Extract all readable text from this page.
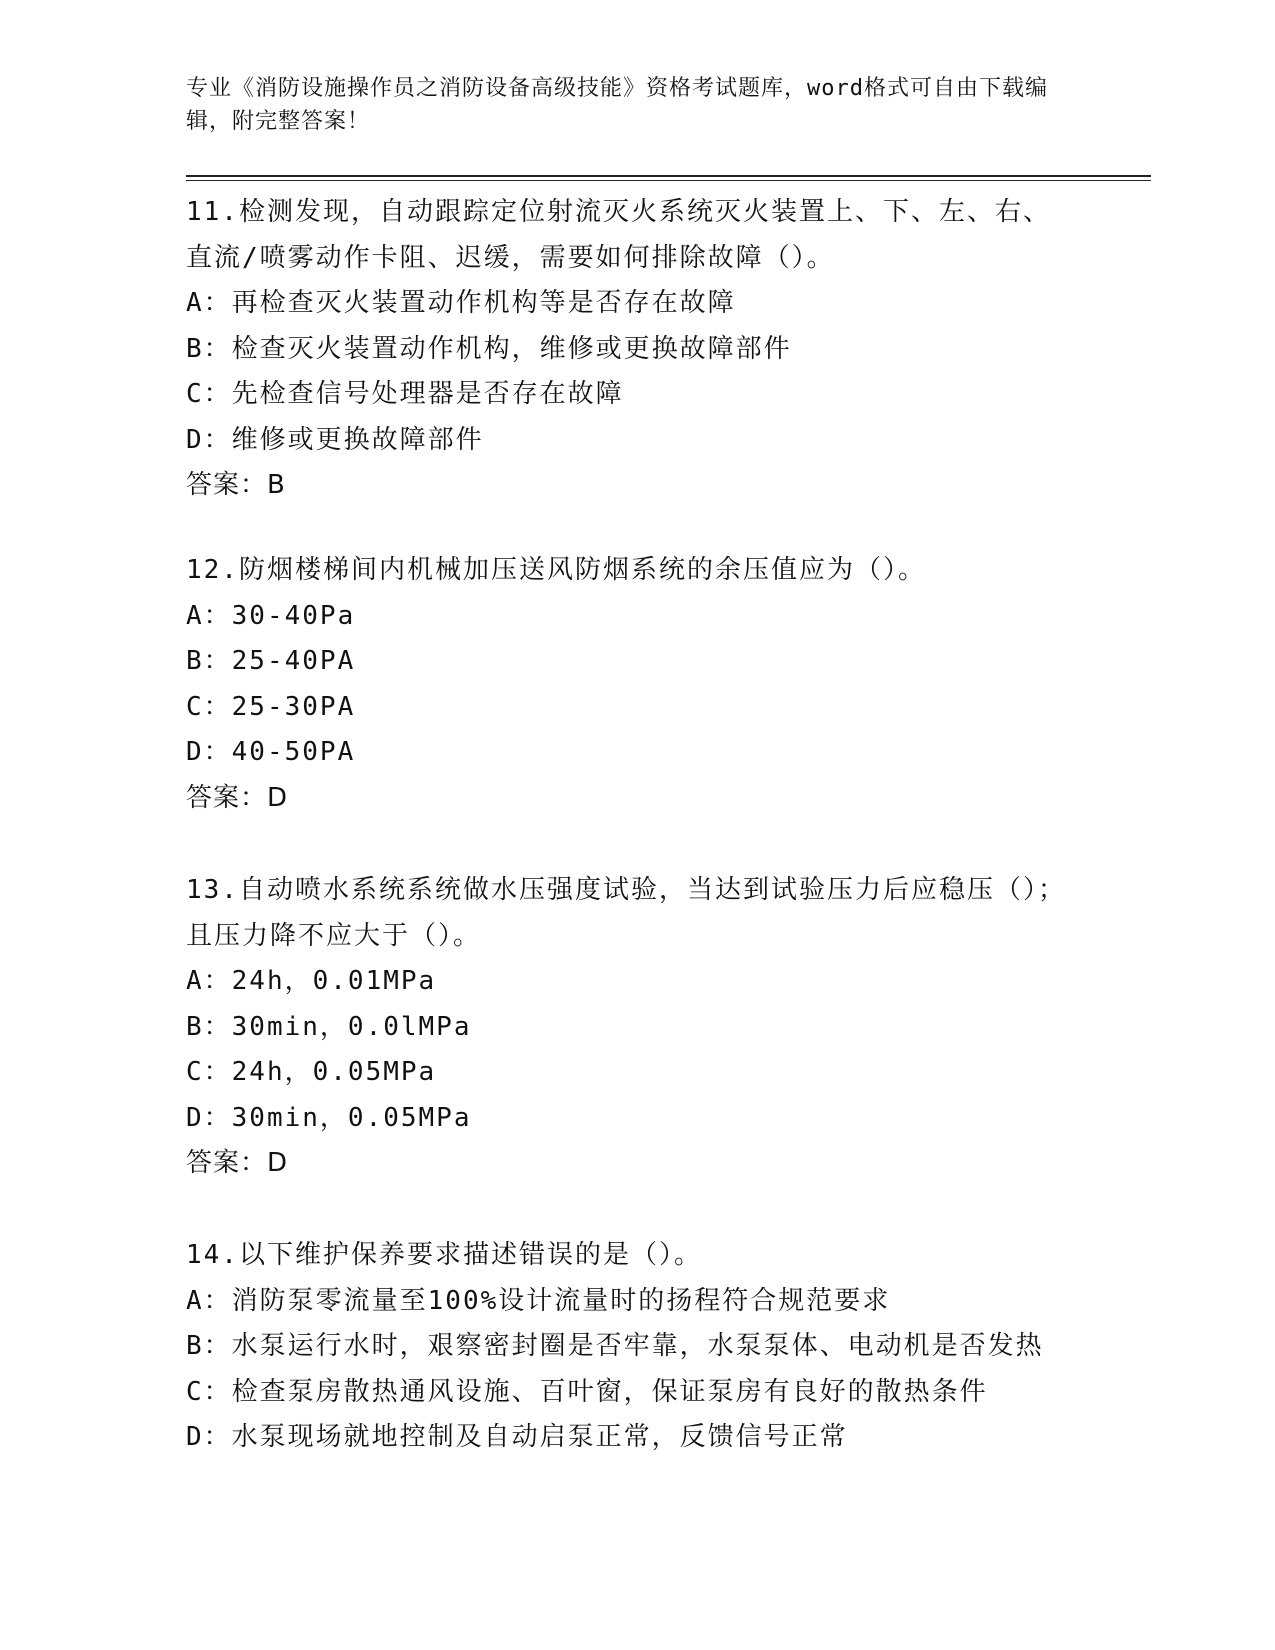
专业《消防设施操作员之消防设备高级技能》资格考试题库，word格式可自由下载编辑，附完整答案！
11.检测发现，自动跟踪定位射流灭火系统灭火装置上、下、左、右、直流/喷雾动作卡阻、迟缓，需要如何排除故障（）。
A：再检查灭火装置动作机构等是否存在故障
B：检查灭火装置动作机构，维修或更换故障部件
C：先检查信号处理器是否存在故障
D：维修或更换故障部件
答案：B
12.防烟楼梯间内机械加压送风防烟系统的余压值应为（）。
A：30-40Pa
B：25-40PA
C：25-30PA
D：40-50PA
答案：D
13.自动喷水系统系统做水压强度试验，当达到试验压力后应稳压（）；且压力降不应大于（）。
A：24h，0.01MPa
B：30min，0.0lMPa
C：24h，0.05MPa
D：30min，0.05MPa
答案：D
14.以下维护保养要求描述错误的是（）。
A：消防泵零流量至100%设计流量时的扬程符合规范要求
B：水泵运行水时，艰察密封圈是否牢靠，水泵泵体、电动机是否发热
C：检查泵房散热通风设施、百叶窗，保证泵房有良好的散热条件
D：水泵现场就地控制及自动启泵正常，反馈信号正常
